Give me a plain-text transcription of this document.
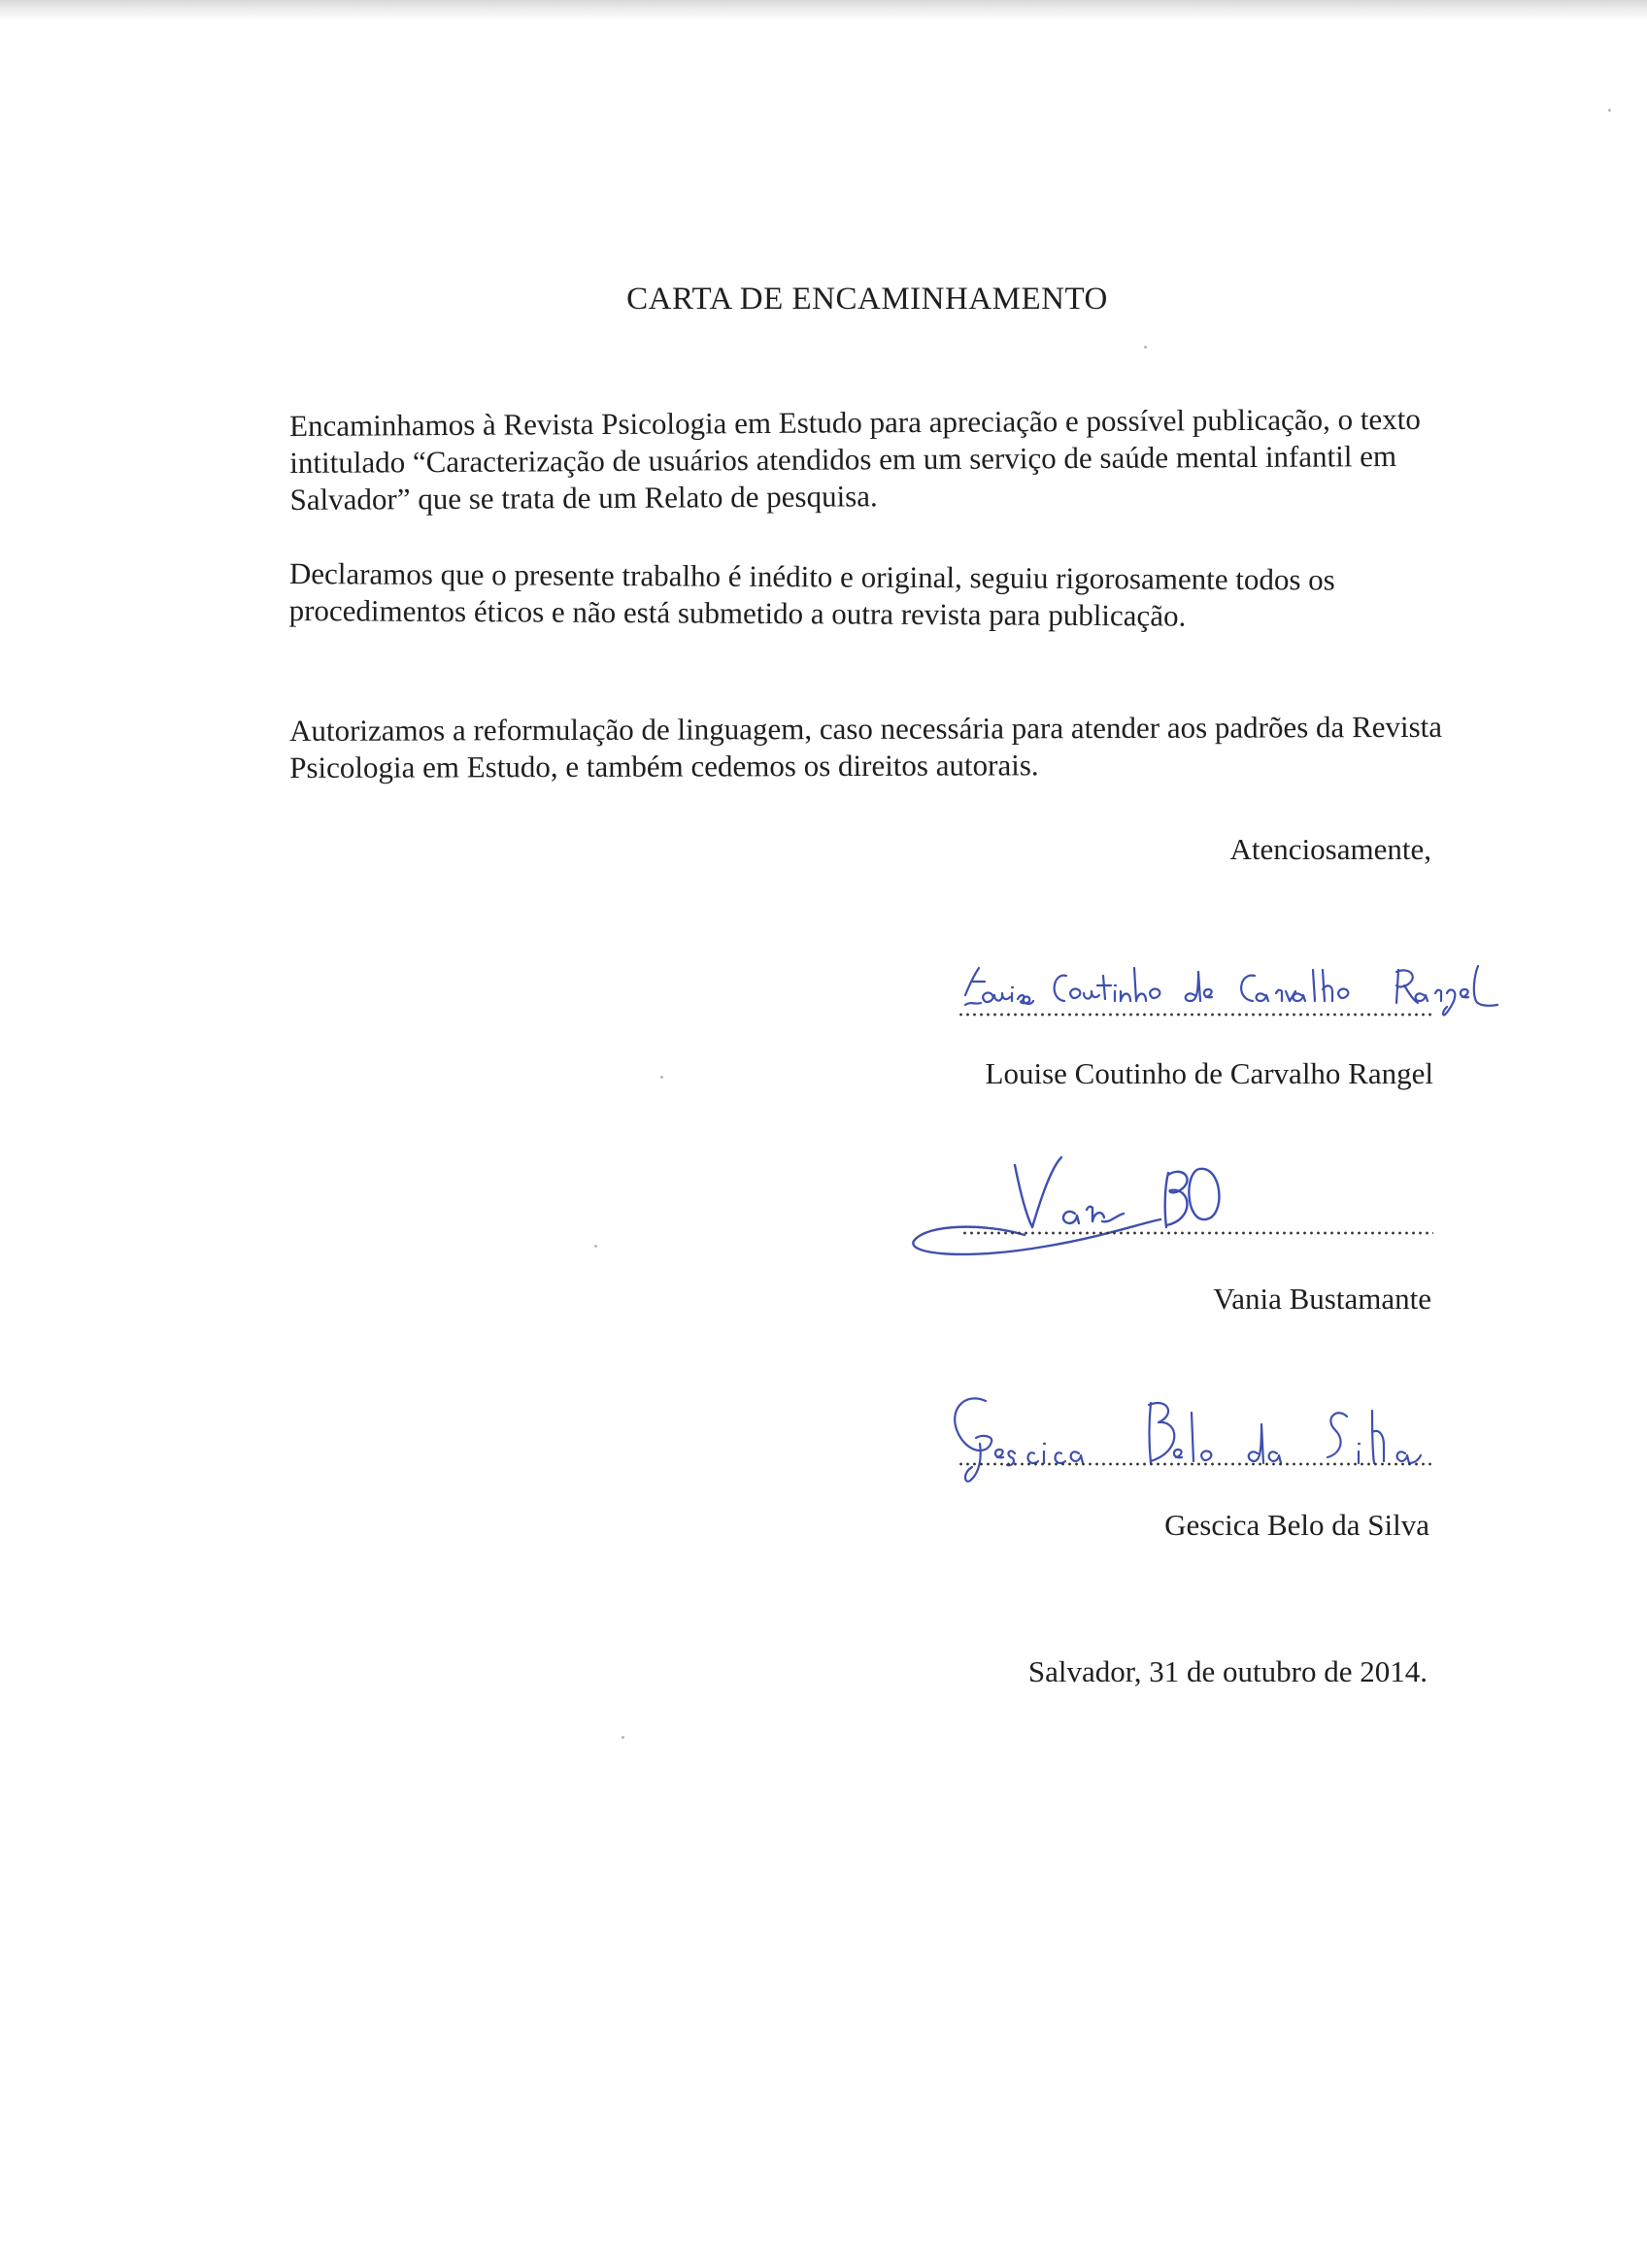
CARTA DE ENCAMINHAMENTO

Encaminhamos à Revista Psicologia em Estudo para apreciação e possível publicação, o texto intitulado “Caracterização de usuários atendidos em um serviço de saúde mental infantil em Salvador” que se trata de um Relato de pesquisa.

Declaramos que o presente trabalho é inédito e original, seguiu rigorosamente todos os procedimentos éticos e não está submetido a outra revista para publicação.

Autorizamos a reformulação de linguagem, caso necessária para atender aos padrões da Revista Psicologia em Estudo, e também cedemos os direitos autorais.

Atenciosamente,
Louise Coutinho de Carvalho Rangel
Vania Bustamante
Gescica Belo da Silva
Salvador, 31 de outubro de 2014.
